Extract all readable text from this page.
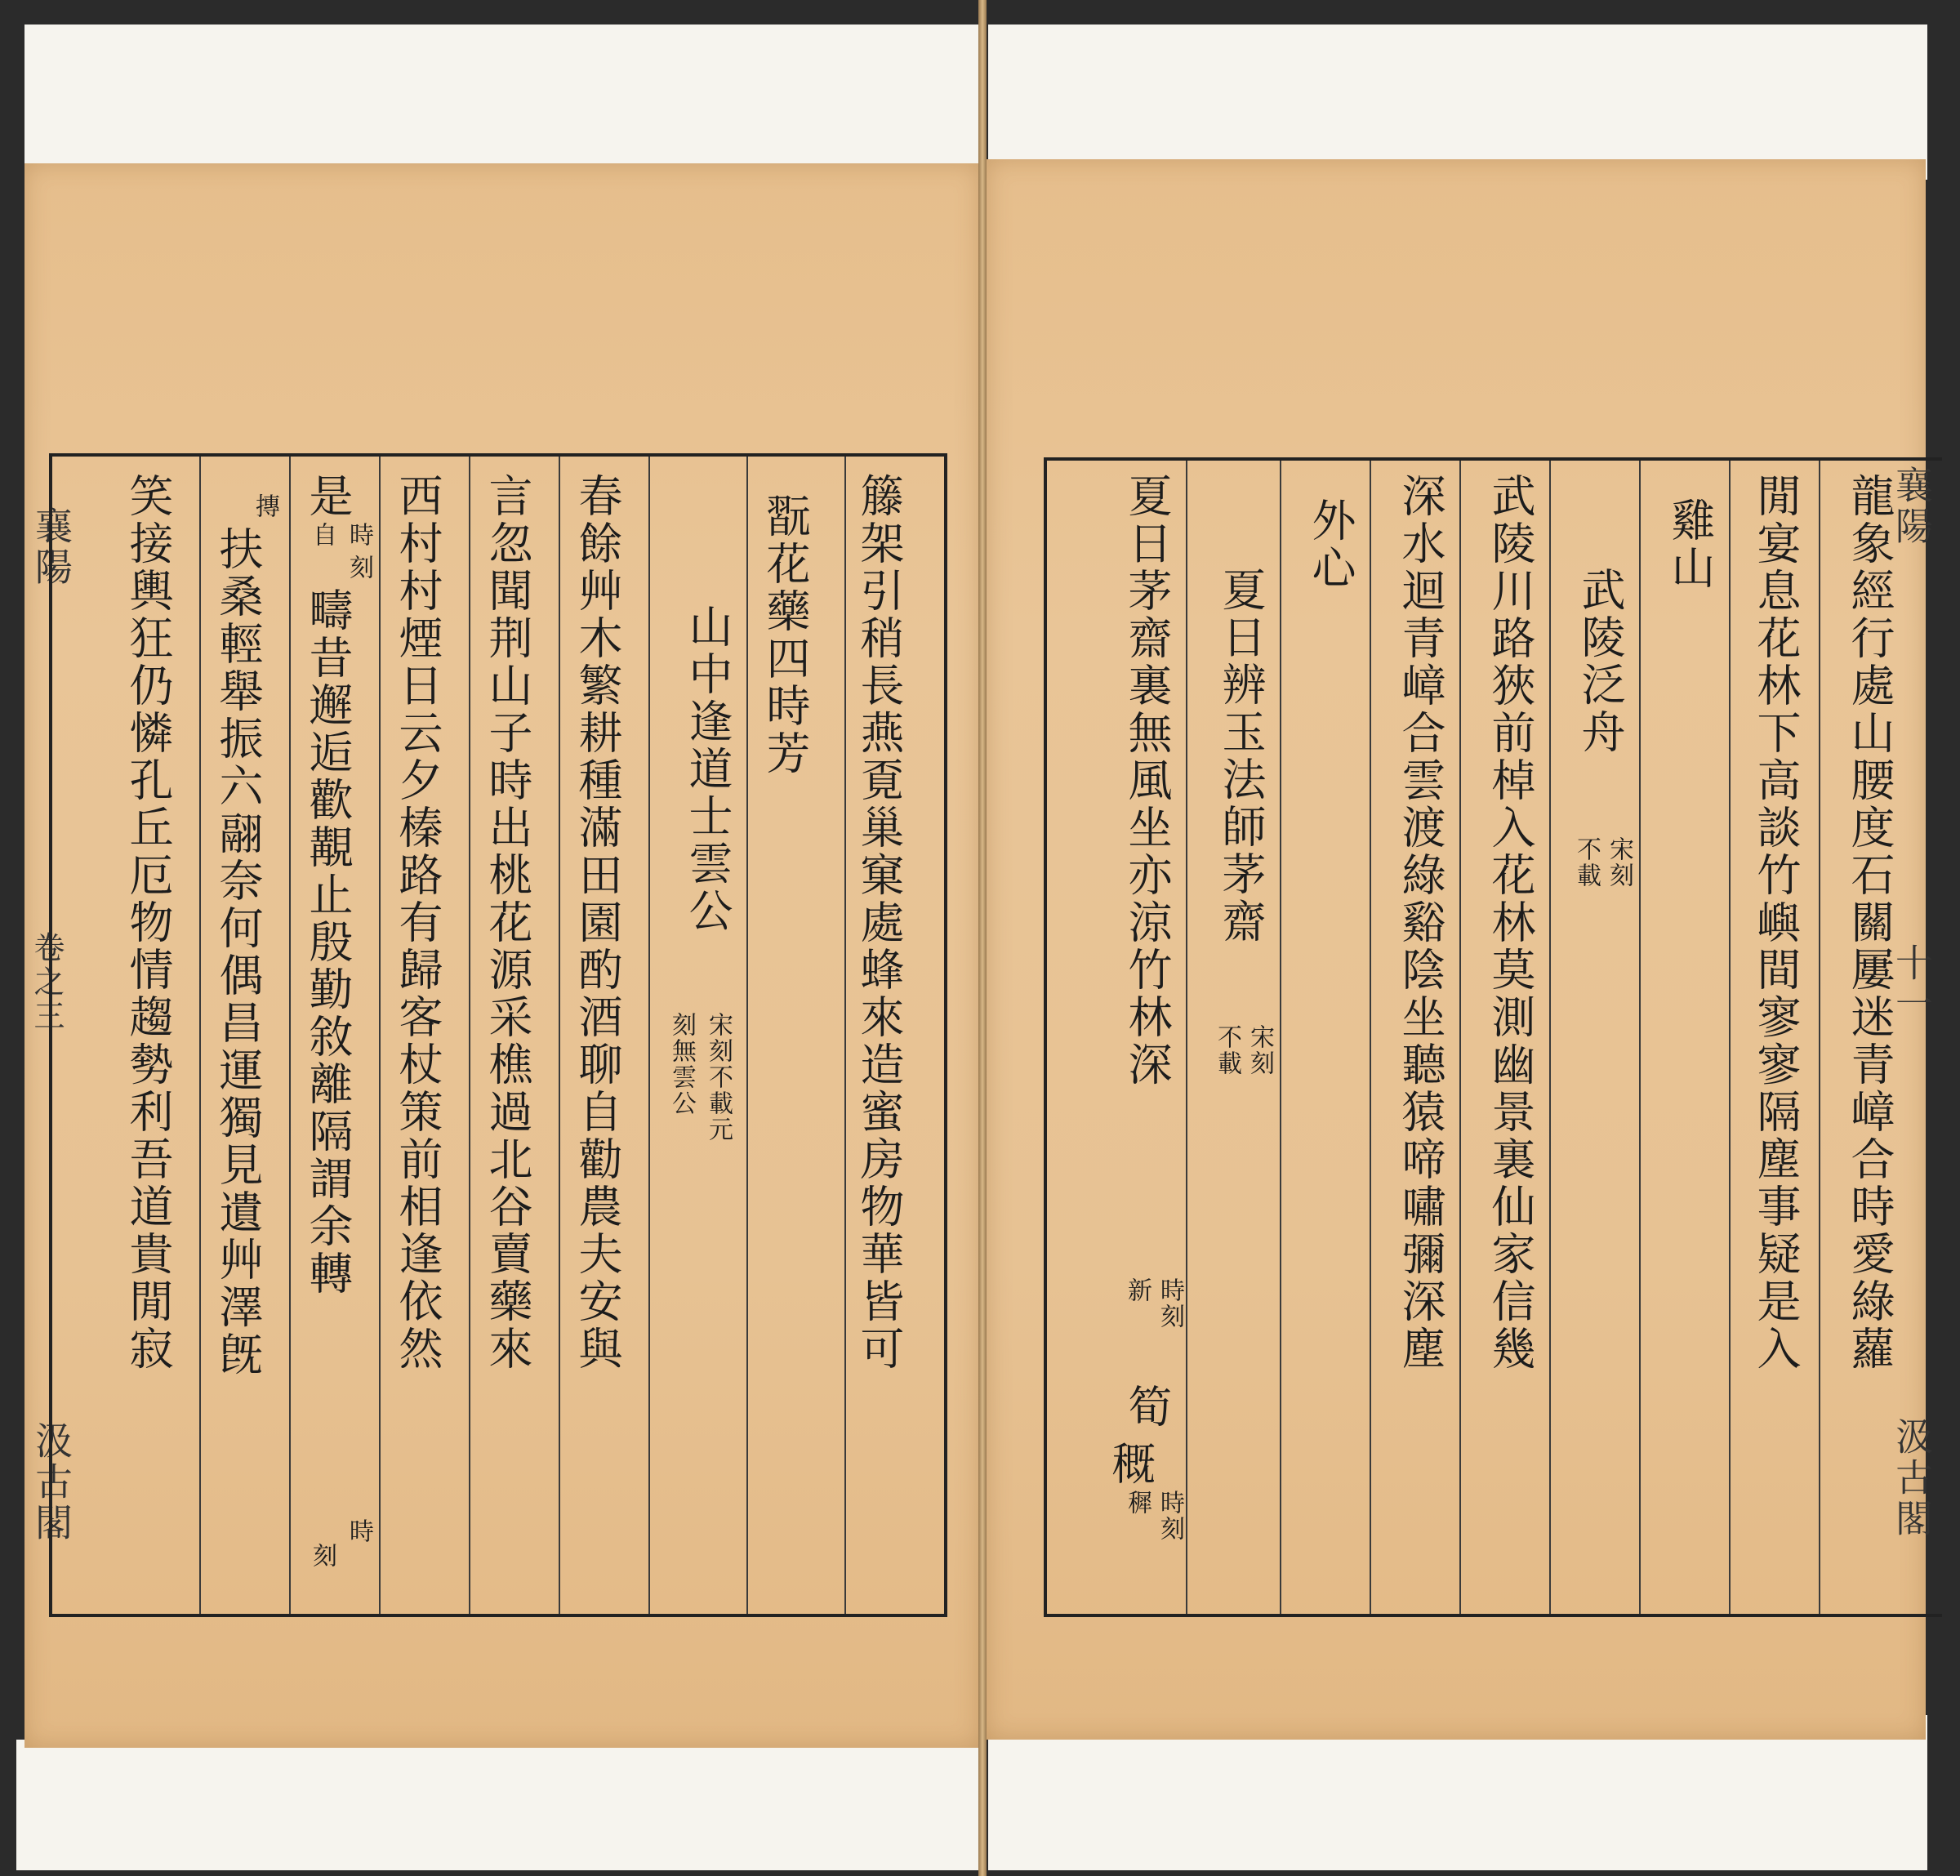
襄陽
卷之三
汲古閣
籐架引稍長燕覔巢窠處蜂來造蜜房物華皆可
翫花藥四時芳
山中逢道士雲公
宋刻不載元
刻無雲公
春餘艸木繁耕種滿田園酌酒聊自勸農夫安與
言忽聞荆山子時出桃花源采樵過北谷賣藥來
西村村煙日云夕榛路有歸客杖策前相逢依然
是
時
自
刻
疇昔邂逅歡覯止殷勤敘離隔謂余轉
時
刻
摶
扶桑輕舉振六翮奈何偶昌運獨見遺艸澤旣
笑接輿狂仍憐孔丘厄物情趨勢利吾道貴閒寂	襄陽
十一
汲古閣
龍象經行處山腰度石關屢迷青嶂合時愛綠蘿
閒宴息花林下高談竹嶼間寥寥隔塵事疑是入
雞山
武陵泛舟
宋刻
不載
武陵川路狹前棹入花林莫測幽景裏仙家信幾
深水迴青嶂合雲渡綠谿陰坐聽猿啼嘯彌深塵
外心
夏日辨玉法師茅齋
宋刻
不載
夏日茅齋裏無風坐亦涼竹林深
時刻
新
筍
穊
時刻
穉
